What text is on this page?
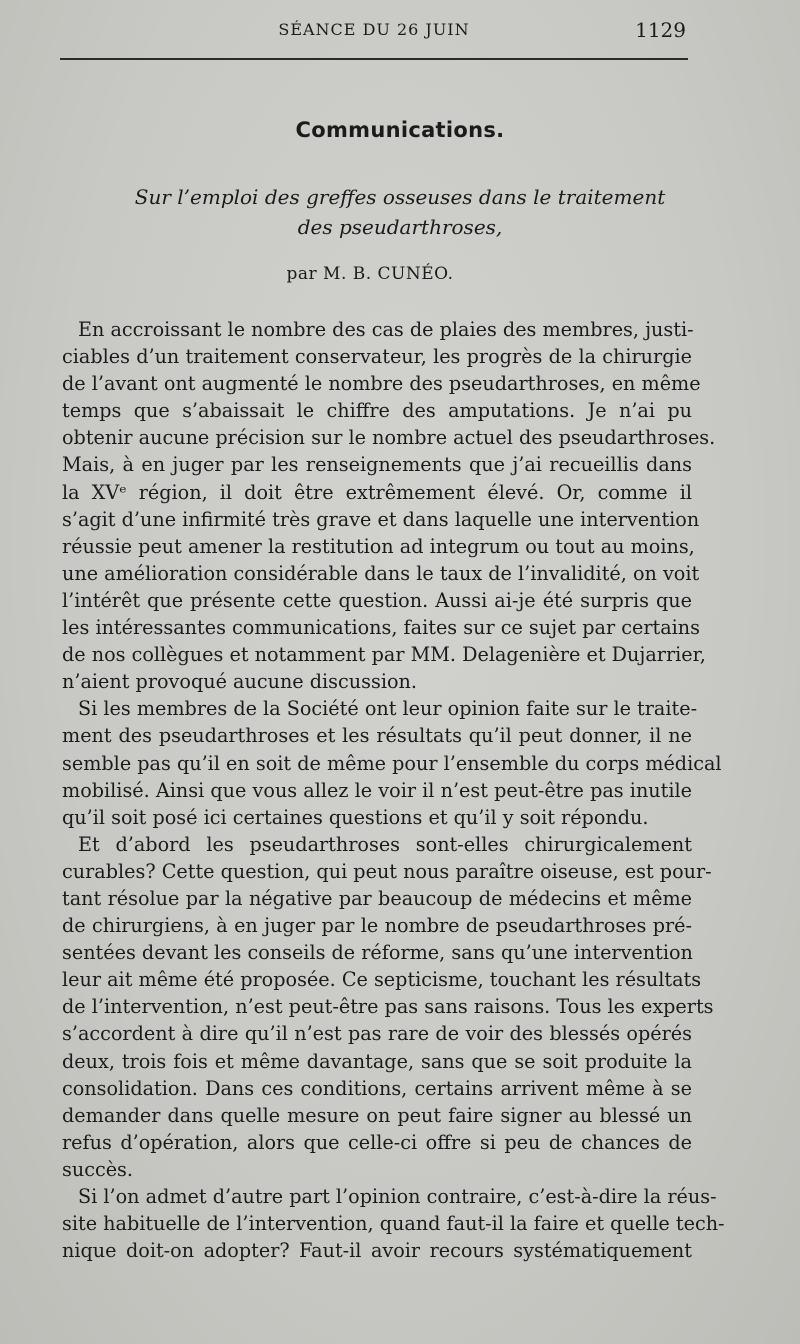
SÉANCE DU 26 JUIN	1129
Communications.
Sur l’emploi des greffes osseuses dans le traitement
des pseudarthroses,
par M. B. CUNÉO.
En accroissant le nombre des cas de plaies des membres, justi-
ciables d’un traitement conservateur, les progrès de la chirurgie
de l’avant ont augmenté le nombre des pseudarthroses, en même
temps que s’abaissait le chiffre des amputations. Je n’ai pu
obtenir aucune précision sur le nombre actuel des pseudarthroses.
Mais, à en juger par les renseignements que j’ai recueillis dans
la XVᵉ région, il doit être extrêmement élevé. Or, comme il
s’agit d’une infirmité très grave et dans laquelle une intervention
réussie peut amener la restitution ad integrum ou tout au moins,
une amélioration considérable dans le taux de l’invalidité, on voit
l’intérêt que présente cette question. Aussi ai-je été surpris que
les intéressantes communications, faites sur ce sujet par certains
de nos collègues et notamment par MM. Delagenière et Dujarrier,
n’aient provoqué aucune discussion.
Si les membres de la Société ont leur opinion faite sur le traite-
ment des pseudarthroses et les résultats qu’il peut donner, il ne
semble pas qu’il en soit de même pour l’ensemble du corps médical
mobilisé. Ainsi que vous allez le voir il n’est peut-être pas inutile
qu’il soit posé ici certaines questions et qu’il y soit répondu.
Et d’abord les pseudarthroses sont-elles chirurgicalement
curables? Cette question, qui peut nous paraître oiseuse, est pour-
tant résolue par la négative par beaucoup de médecins et même
de chirurgiens, à en juger par le nombre de pseudarthroses pré-
sentées devant les conseils de réforme, sans qu’une intervention
leur ait même été proposée. Ce septicisme, touchant les résultats
de l’intervention, n’est peut-être pas sans raisons. Tous les experts
s’accordent à dire qu’il n’est pas rare de voir des blessés opérés
deux, trois fois et même davantage, sans que se soit produite la
consolidation. Dans ces conditions, certains arrivent même à se
demander dans quelle mesure on peut faire signer au blessé un
refus d’opération, alors que celle-ci offre si peu de chances de
succès.
Si l’on admet d’autre part l’opinion contraire, c’est-à-dire la réus-
site habituelle de l’intervention, quand faut-il la faire et quelle tech-
nique doit-on adopter? Faut-il avoir recours systématiquement
